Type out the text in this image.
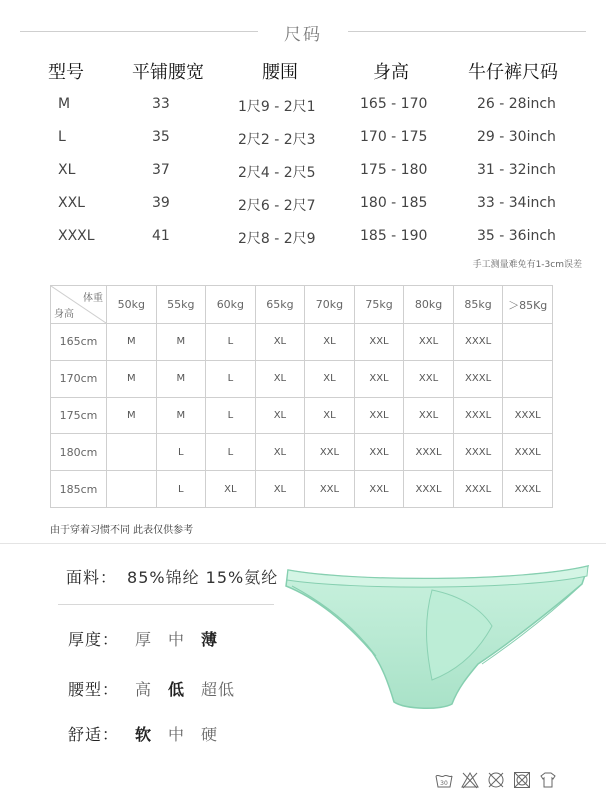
尺码
型号	平铺腰宽	腰围	身高	牛仔裤尺码
M	33	1尺9 - 2尺1	165 - 170	26 - 28inch
L	35	2尺2 - 2尺3	170 - 175	29 - 30inch
XL	37	2尺4 - 2尺5	175 - 180	31 - 32inch
XXL	39	2尺6 - 2尺7	180 - 185	33 - 34inch
XXXL	41	2尺8 - 2尺9	185 - 190	35 - 36inch
手工测量难免有1-3cm误差
体重
身高	50kg	55kg	60kg	65kg	70kg	75kg	80kg	85kg	＞85Kg
165cm	M	M	L	XL	XL	XXL	XXL	XXXL	
170cm	M	M	L	XL	XL	XXL	XXL	XXXL	
175cm	M	M	L	XL	XL	XXL	XXL	XXXL	XXXL
180cm		L	L	XL	XXL	XXL	XXXL	XXXL	XXXL
185cm		L	XL	XL	XXL	XXL	XXXL	XXXL	XXXL
由于穿着习惯不同 此表仅供参考
面料： 85%锦纶 15%氨纶
厚度： 厚 中 薄
腰型： 高 低 超低
舒适： 软 中 硬
30
